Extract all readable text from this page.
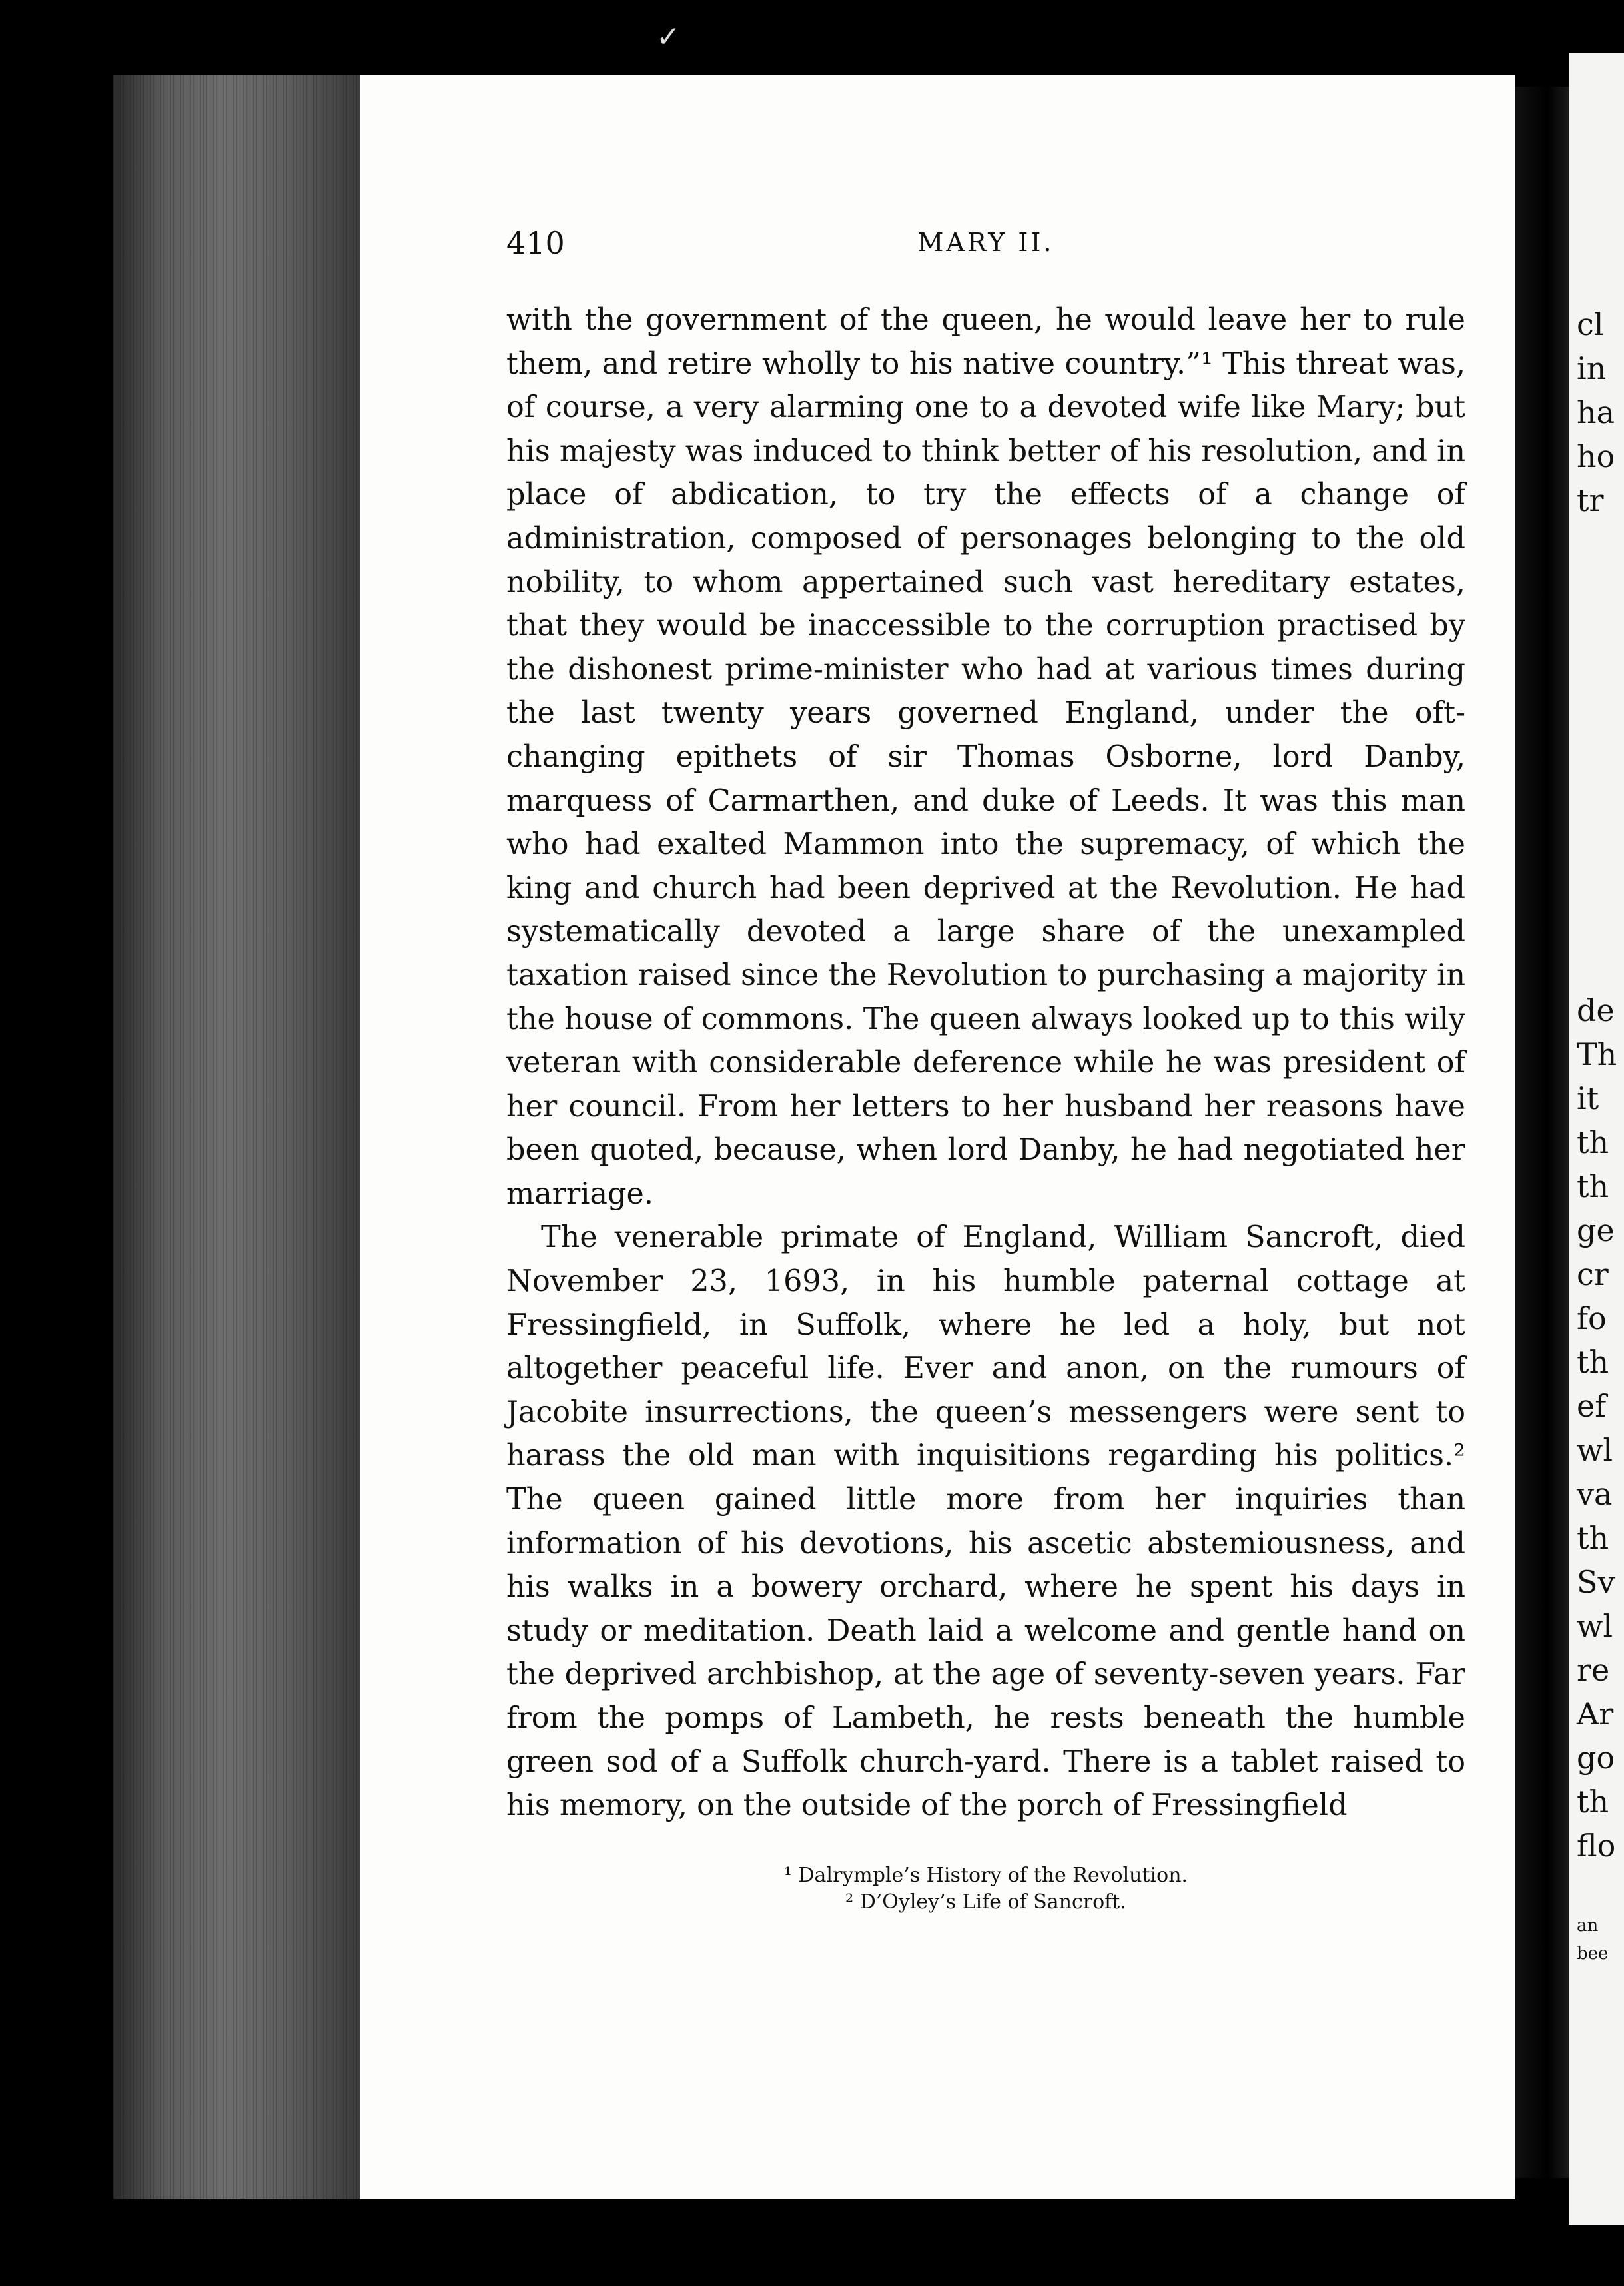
cl
in
ha
ho
tr
de
Th
it
th
th
ge
cr
fo
th
ef
wl
va
th
Sv
wl
re
Ar
go
th
flo
an
bee
✓
410	MARY II.

with the government of the queen, he would leave her to rule them, and retire wholly to his native country.”¹ This threat was, of course, a very alarming one to a devoted wife like Mary; but his majesty was induced to think better of his resolution, and in place of abdication, to try the effects of a change of administration, composed of personages belonging to the old nobility, to whom appertained such vast hereditary estates, that they would be inaccessible to the corruption practised by the dishonest prime-minister who had at various times during the last twenty years governed England, under the oft-changing epithets of sir Thomas Osborne, lord Danby, marquess of Carmarthen, and duke of Leeds. It was this man who had exalted Mammon into the supremacy, of which the king and church had been deprived at the Revolution. He had systematically devoted a large share of the unexampled taxation raised since the Revolution to purchasing a majority in the house of commons. The queen always looked up to this wily veteran with considerable deference while he was president of her council. From her letters to her husband her reasons have been quoted, because, when lord Danby, he had negotiated her marriage.

The venerable primate of England, William Sancroft, died November 23, 1693, in his humble paternal cottage at Fressingfield, in Suffolk, where he led a holy, but not altogether peaceful life. Ever and anon, on the rumours of Jacobite insurrections, the queen’s messengers were sent to harass the old man with inquisitions regarding his politics.² The queen gained little more from her inquiries than information of his devotions, his ascetic abstemiousness, and his walks in a bowery orchard, where he spent his days in study or meditation. Death laid a welcome and gentle hand on the deprived archbishop, at the age of seventy-seven years. Far from the pomps of Lambeth, he rests beneath the humble green sod of a Suffolk church-yard. There is a tablet raised to his memory, on the outside of the porch of Fressingfield

¹ Dalrymple’s History of the Revolution.
² D’Oyley’s Life of Sancroft.
